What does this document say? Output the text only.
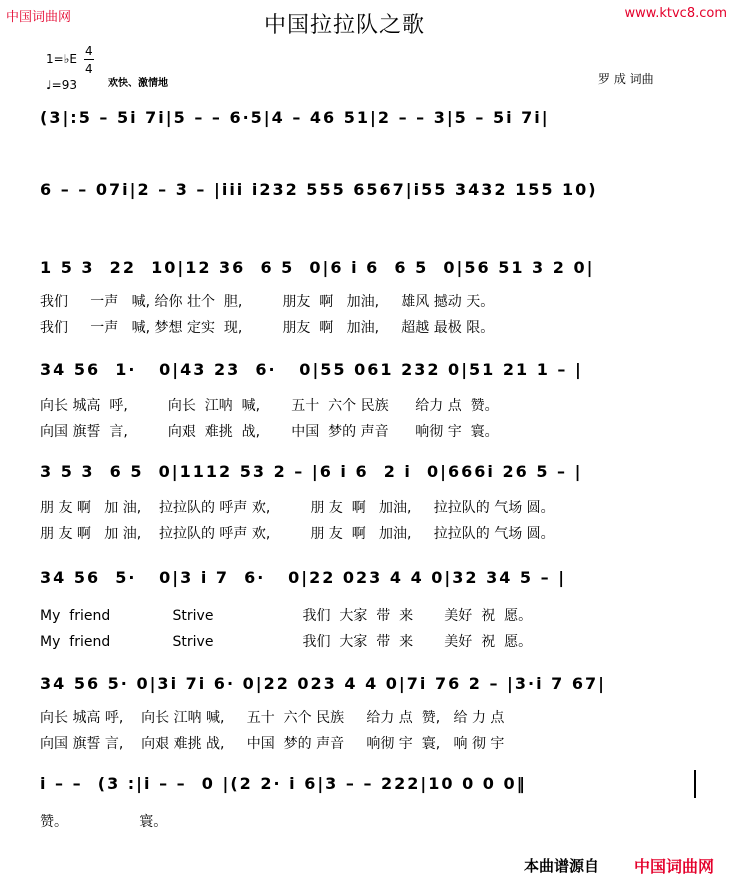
中国词曲网	www.ktvc8.com
中国拉拉队之歌
1=♭E
4
4
♩=93	欢快、激情地	罗 成 词曲
(3|:5 – 5i 7i|5 – – 6·5|4 – 46 51|2 – – 3|5 – 5i 7i|
6 – – 07i|2 – 3 – |iii i232 555 6567|i55 3432 155 10)
1 5 3  22  10|12 36  6 5  0|6 i 6  6 5  0|56 51 3 2 0|
我们     一声   喊, 给你 壮个  胆,         朋友  啊   加油,     雄风 撼动 天。
我们     一声   喊, 梦想 定实  现,         朋友  啊   加油,     超越 最极 限。
34 56  1·   0|43 23  6·   0|55 061 232 0|51 21 1 – |
向长 城高  呼,         向长  江呐  喊,       五十  六个 民族      给力 点  赞。
向国 旗誓  言,         向艰  难挑  战,       中国  梦的 声音      响彻 宇  寰。
3 5 3  6 5  0|1112 53 2 – |6 i 6  2 i  0|666i 26 5 – |
朋 友 啊   加 油,    拉拉队的 呼声 欢,         朋 友  啊   加油,     拉拉队的 气场 圆。
朋 友 啊   加 油,    拉拉队的 呼声 欢,         朋 友  啊   加油,     拉拉队的 气场 圆。
34 56  5·   0|3 i 7  6·   0|22 023 4 4 0|32 34 5 – |
My  friend              Strive                    我们  大家  带  来       美好  祝  愿。
My  friend              Strive                    我们  大家  带  来       美好  祝  愿。
34 56 5· 0|3i 7i 6· 0|22 023 4 4 0|7i 76 2 – |3·i 7 67|
向长 城高 呼,    向长 江呐 喊,     五十  六个 民族     给力 点  赞,   给 力 点
向国 旗誓 言,    向艰 难挑 战,     中国  梦的 声音     响彻 宇  寰,   响 彻 宇
i – –  (3 :|i – –  0 |(2 2· i 6|3 – – 222|10 0 0 0‖
赞。                寰。
本曲谱源自 中国词曲网
